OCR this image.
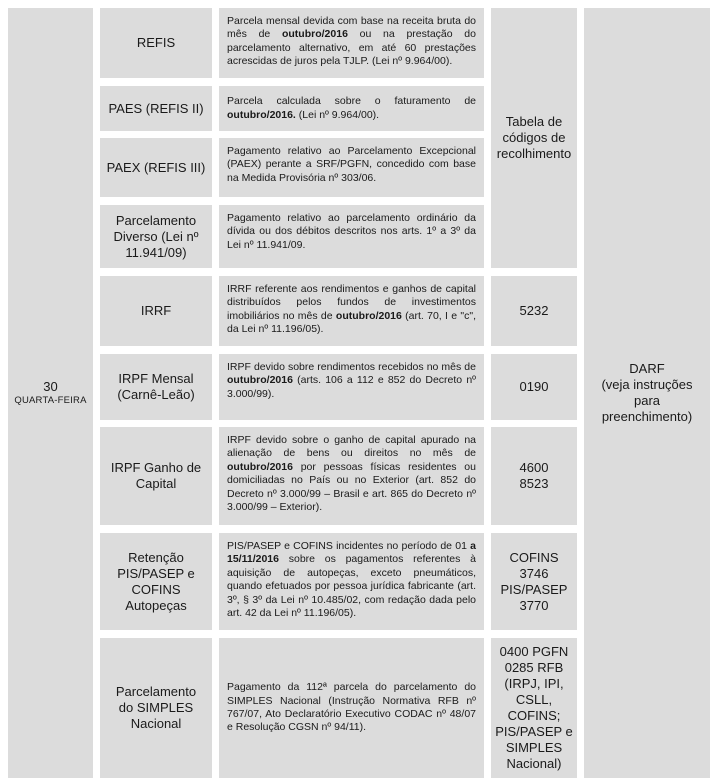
30
QUARTA-FEIRA
REFIS
Parcela mensal devida com base na receita bruta do mês de outubro/2016 ou na prestação do parcelamento alternativo, em até 60 prestações acrescidas de juros pela TJLP. (Lei nº 9.964/00).
PAES (REFIS II)	Parcela calculada sobre o faturamento de outubro/2016. (Lei nº 9.964/00).
PAEX (REFIS III)
Pagamento relativo ao Parcelamento Excepcional (PAEX) perante a SRF/PGFN, concedido com base na Medida Provisória nº 303/06.
Parcelamento Diverso (Lei nº 11.941/09)
Pagamento relativo ao parcelamento ordinário da dívida ou dos débitos descritos nos arts. 1º a 3º da Lei nº 11.941/09.
IRRF
IRRF referente aos rendimentos e ganhos de capital distribuídos pelos fundos de investimentos imobiliários no mês de outubro/2016 (art. 70, I e "c", da Lei nº 11.196/05).
5232
IRPF Mensal (Carnê-Leão)
IRPF devido sobre rendimentos recebidos no mês de outubro/2016 (arts. 106 a 112 e 852 do Decreto nº 3.000/99).	0190
IRPF Ganho de Capital
IRPF devido sobre o ganho de capital apurado na alienação de bens ou direitos no mês de outubro/2016 por pessoas físicas residentes ou domiciliadas no País ou no Exterior (art. 852 do Decreto nº 3.000/99 – Brasil e art. 865 do Decreto nº 3.000/99 – Exterior).
4600
8523
Retenção PIS/PASEP e COFINS Autopeças
PIS/PASEP e COFINS incidentes no período de 01 a 15/11/2016 sobre os pagamentos referentes à aquisição de autopeças, exceto pneumáticos, quando efetuados por pessoa jurídica fabricante (art. 3º, § 3º da Lei nº 10.485/02, com redação dada pelo art. 42 da Lei nº 11.196/05).
COFINS
3746
PIS/PASEP
3770
Parcelamento do SIMPLES Nacional
Pagamento da 112ª parcela do parcelamento do SIMPLES Nacional (Instrução Normativa RFB nº 767/07, Ato Declaratório Executivo CODAC nº 48/07 e Resolução CGSN nº 94/11).
0400 PGFN
0285 RFB
(IRPJ, IPI,
CSLL,
COFINS;
PIS/PASEP e
SIMPLES
Nacional)
Tabela de códigos de recolhimento
DARF
(veja instruções para
preenchimento)
